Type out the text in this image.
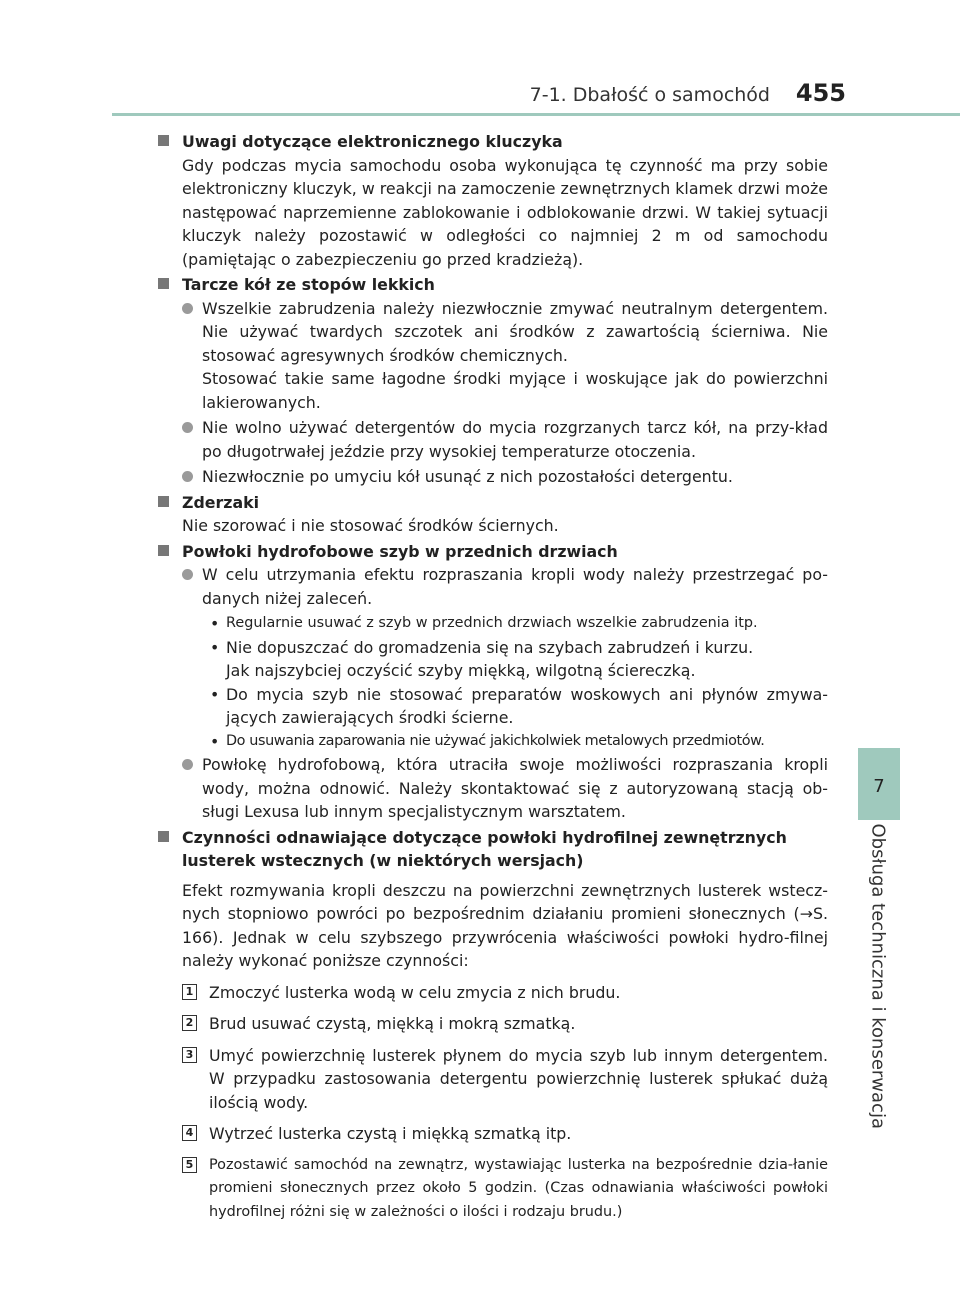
7-1. Dbałość o samochód 455
7
Obsługa techniczna i konserwacja
Uwagi dotyczące elektronicznego kluczyka
Gdy podczas mycia samochodu osoba wykonująca tę czynność ma przy sobie elektroniczny kluczyk, w reakcji na zamoczenie zewnętrznych klamek drzwi może następować naprzemienne zablokowanie i odblokowanie drzwi. W takiej sytuacji kluczyk należy pozostawić w odległości co najmniej 2 m od samochodu (pamiętając o zabezpieczeniu go przed kradzieżą).
Tarcze kół ze stopów lekkich
Wszelkie zabrudzenia należy niezwłocznie zmywać neutralnym detergentem. Nie używać twardych szczotek ani środków z zawartością ścierniwa. Nie stosować agresywnych środków chemicznych.
Stosować takie same łagodne środki myjące i woskujące jak do powierzchni lakierowanych.
Nie wolno używać detergentów do mycia rozgrzanych tarcz kół, na przy-kład po długotrwałej jeździe przy wysokiej temperaturze otoczenia.
Niezwłocznie po umyciu kół usunąć z nich pozostałości detergentu.
Zderzaki
Nie szorować i nie stosować środków ściernych.
Powłoki hydrofobowe szyb w przednich drzwiach
W celu utrzymania efektu rozpraszania kropli wody należy przestrzegać po-danych niżej zaleceń.
• Regularnie usuwać z szyb w przednich drzwiach wszelkie zabrudzenia itp.
• Nie dopuszczać do gromadzenia się na szybach zabrudzeń i kurzu.
Jak najszybciej oczyścić szyby miękką, wilgotną ściereczką.
• Do mycia szyb nie stosować preparatów woskowych ani płynów zmywa-jących zawierających środki ścierne.
• Do usuwania zaparowania nie używać jakichkolwiek metalowych przedmiotów.
Powłokę hydrofobową, która utraciła swoje możliwości rozpraszania kropli wody, można odnowić. Należy skontaktować się z autoryzowaną stacją ob-sługi Lexusa lub innym specjalistycznym warsztatem.
Czynności odnawiające dotyczące powłoki hydrofilnej zewnętrznych lusterek wstecznych (w niektórych wersjach)
Efekt rozmywania kropli deszczu na powierzchni zewnętrznych lusterek wstecz-nych stopniowo powróci po bezpośrednim działaniu promieni słonecznych (→S. 166). Jednak w celu szybszego przywrócenia właściwości powłoki hydro-filnej należy wykonać poniższe czynności:
1 Zmoczyć lusterka wodą w celu zmycia z nich brudu.
2 Brud usuwać czystą, miękką i mokrą szmatką.
3 Umyć powierzchnię lusterek płynem do mycia szyb lub innym detergentem. W przypadku zastosowania detergentu powierzchnię lusterek spłukać dużą ilością wody.
4 Wytrzeć lusterka czystą i miękką szmatką itp.
5 Pozostawić samochód na zewnątrz, wystawiając lusterka na bezpośrednie dzia-łanie promieni słonecznych przez około 5 godzin. (Czas odnawiania właściwości powłoki hydrofilnej różni się w zależności o ilości i rodzaju brudu.)
